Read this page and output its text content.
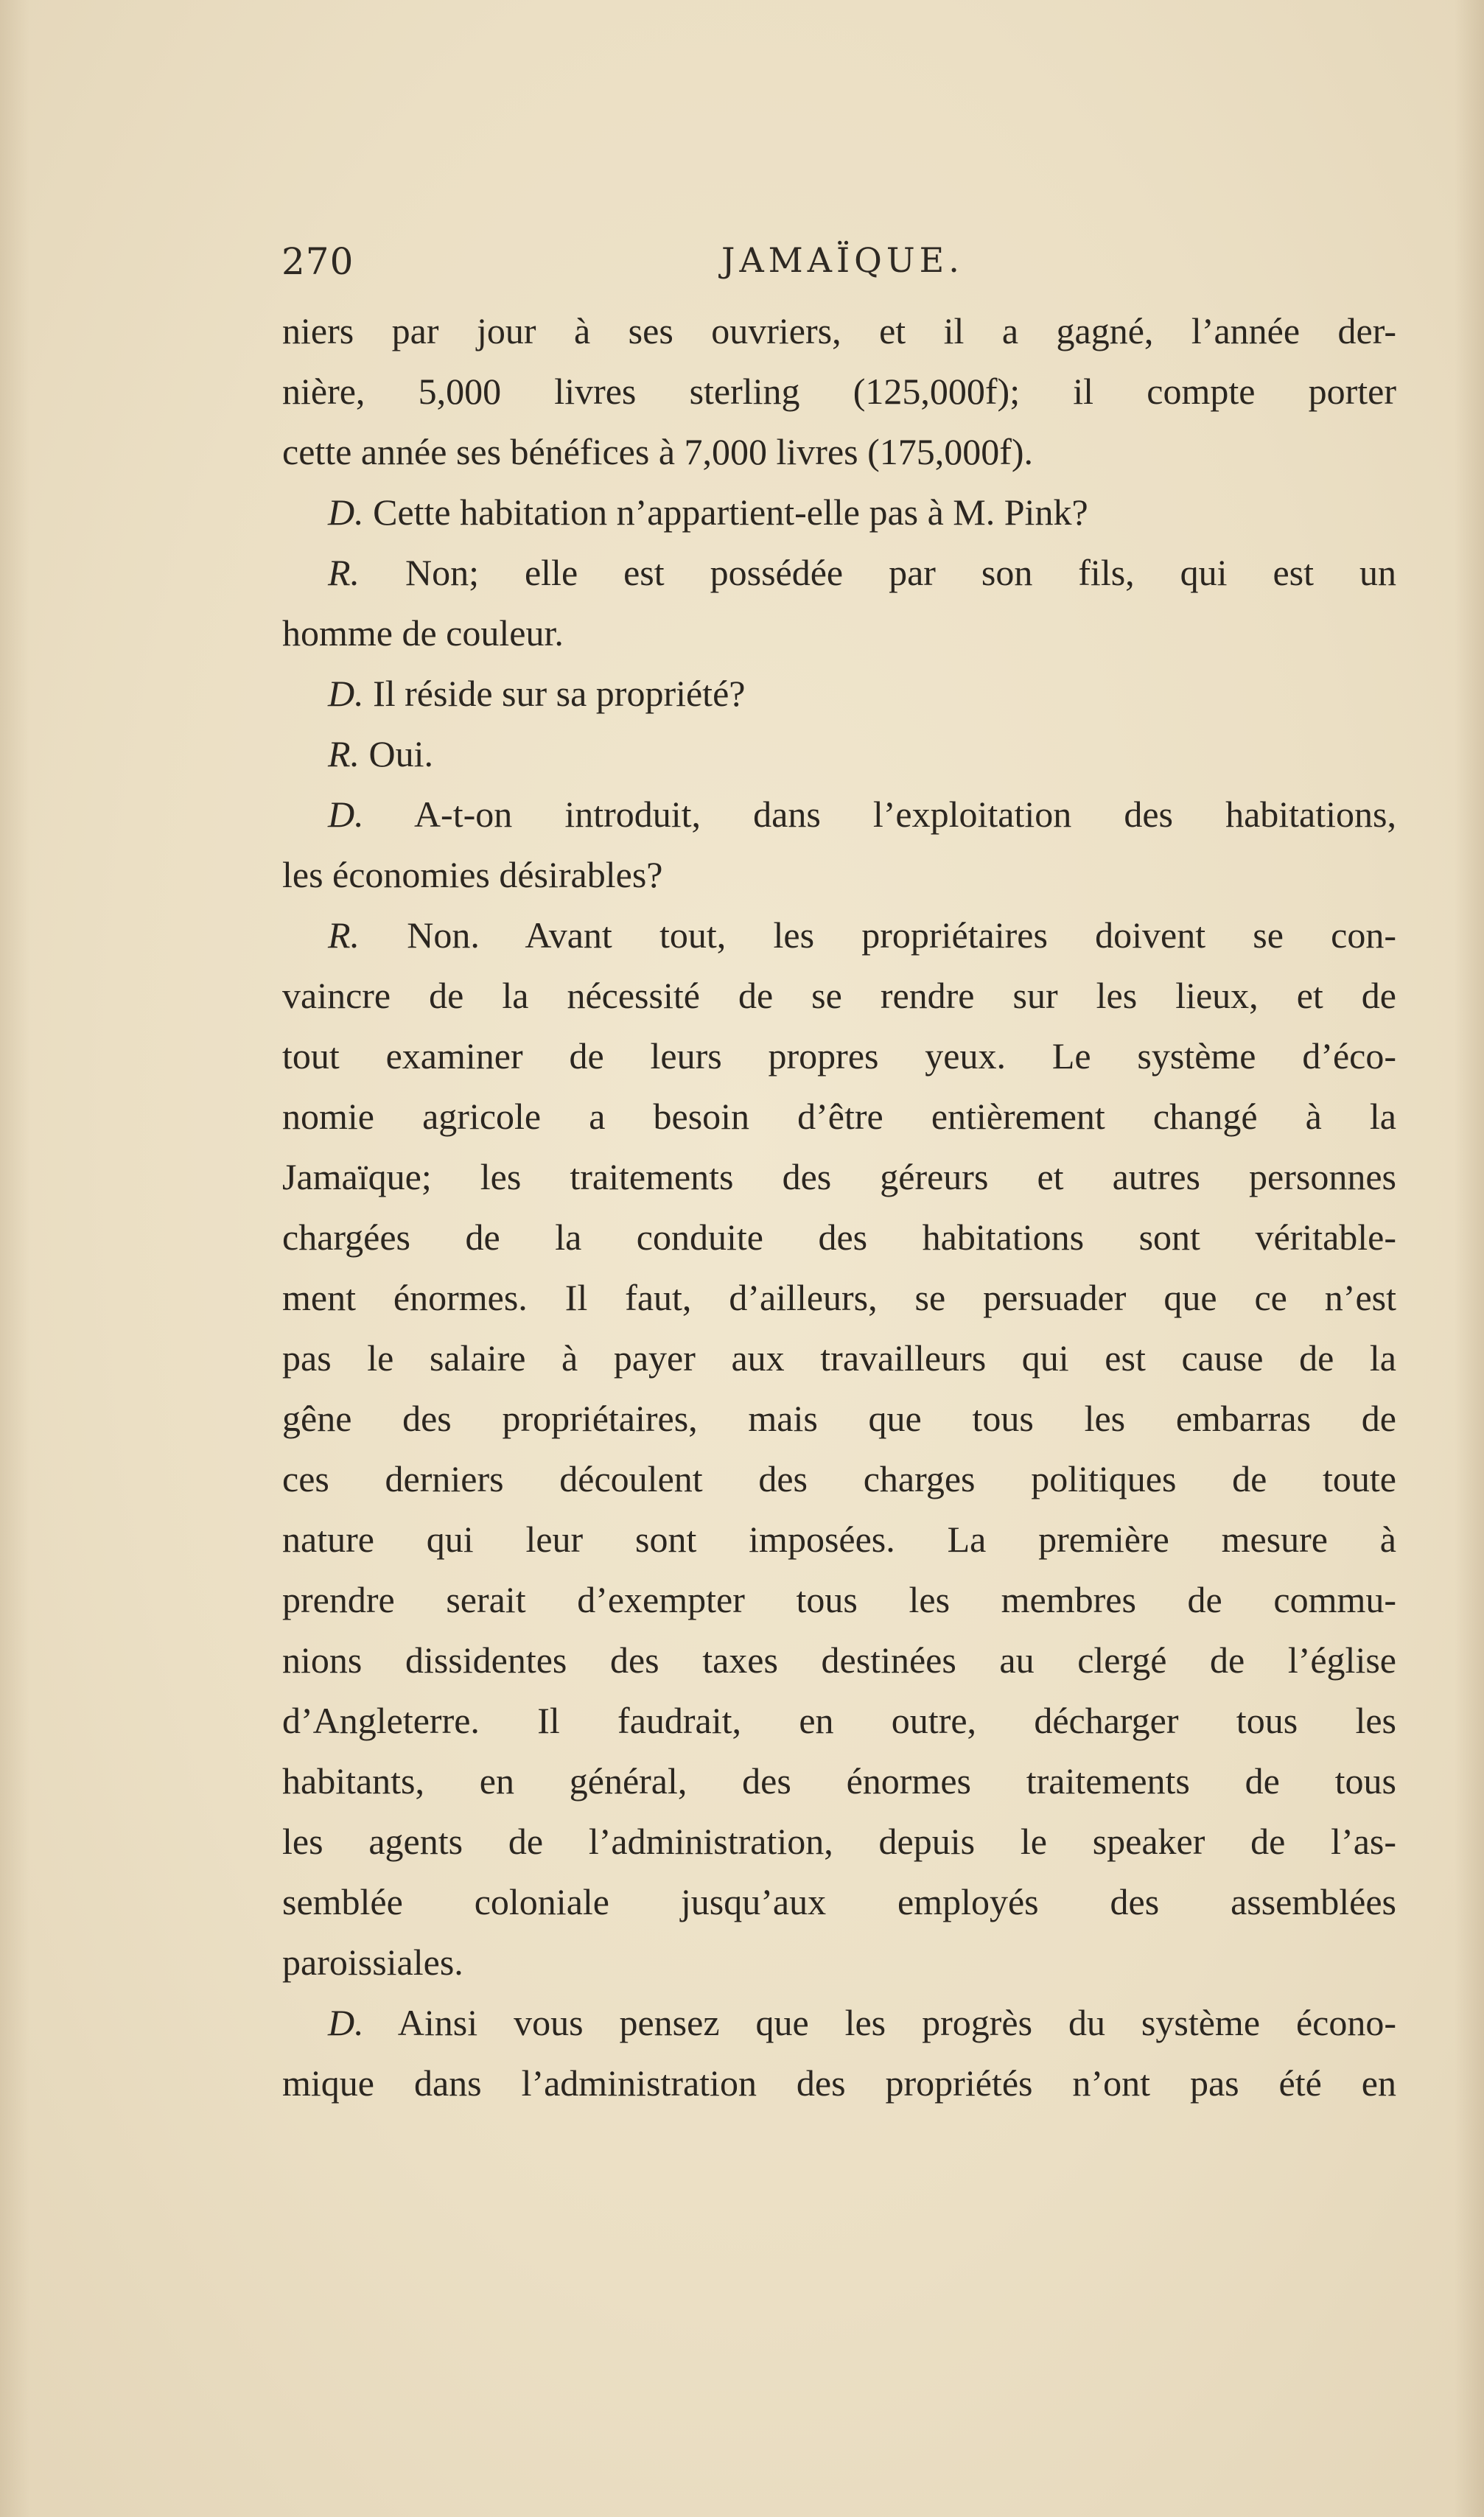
270	JAMAÏQUE.
niers par jour à ses ouvriers, et il a gagné, l’année der-
nière, 5,000 livres sterling (125,000f); il compte porter
cette année ses bénéfices à 7,000 livres (175,000f).
D. Cette habitation n’appartient-elle pas à M. Pink?
R. Non; elle est possédée par son fils, qui est un
homme de couleur.
D. Il réside sur sa propriété?
R. Oui.
D. A-t-on introduit, dans l’exploitation des habitations,
les économies désirables?
R. Non. Avant tout, les propriétaires doivent se con-
vaincre de la nécessité de se rendre sur les lieux, et de
tout examiner de leurs propres yeux. Le système d’éco-
nomie agricole a besoin d’être entièrement changé à la
Jamaïque; les traitements des géreurs et autres personnes
chargées de la conduite des habitations sont véritable-
ment énormes. Il faut, d’ailleurs, se persuader que ce n’est
pas le salaire à payer aux travailleurs qui est cause de la
gêne des propriétaires, mais que tous les embarras de
ces derniers découlent des charges politiques de toute
nature qui leur sont imposées. La première mesure à
prendre serait d’exempter tous les membres de commu-
nions dissidentes des taxes destinées au clergé de l’église
d’Angleterre. Il faudrait, en outre, décharger tous les
habitants, en général, des énormes traitements de tous
les agents de l’administration, depuis le speaker de l’as-
semblée coloniale jusqu’aux employés des assemblées
paroissiales.
D. Ainsi vous pensez que les progrès du système écono-
mique dans l’administration des propriétés n’ont pas été en
